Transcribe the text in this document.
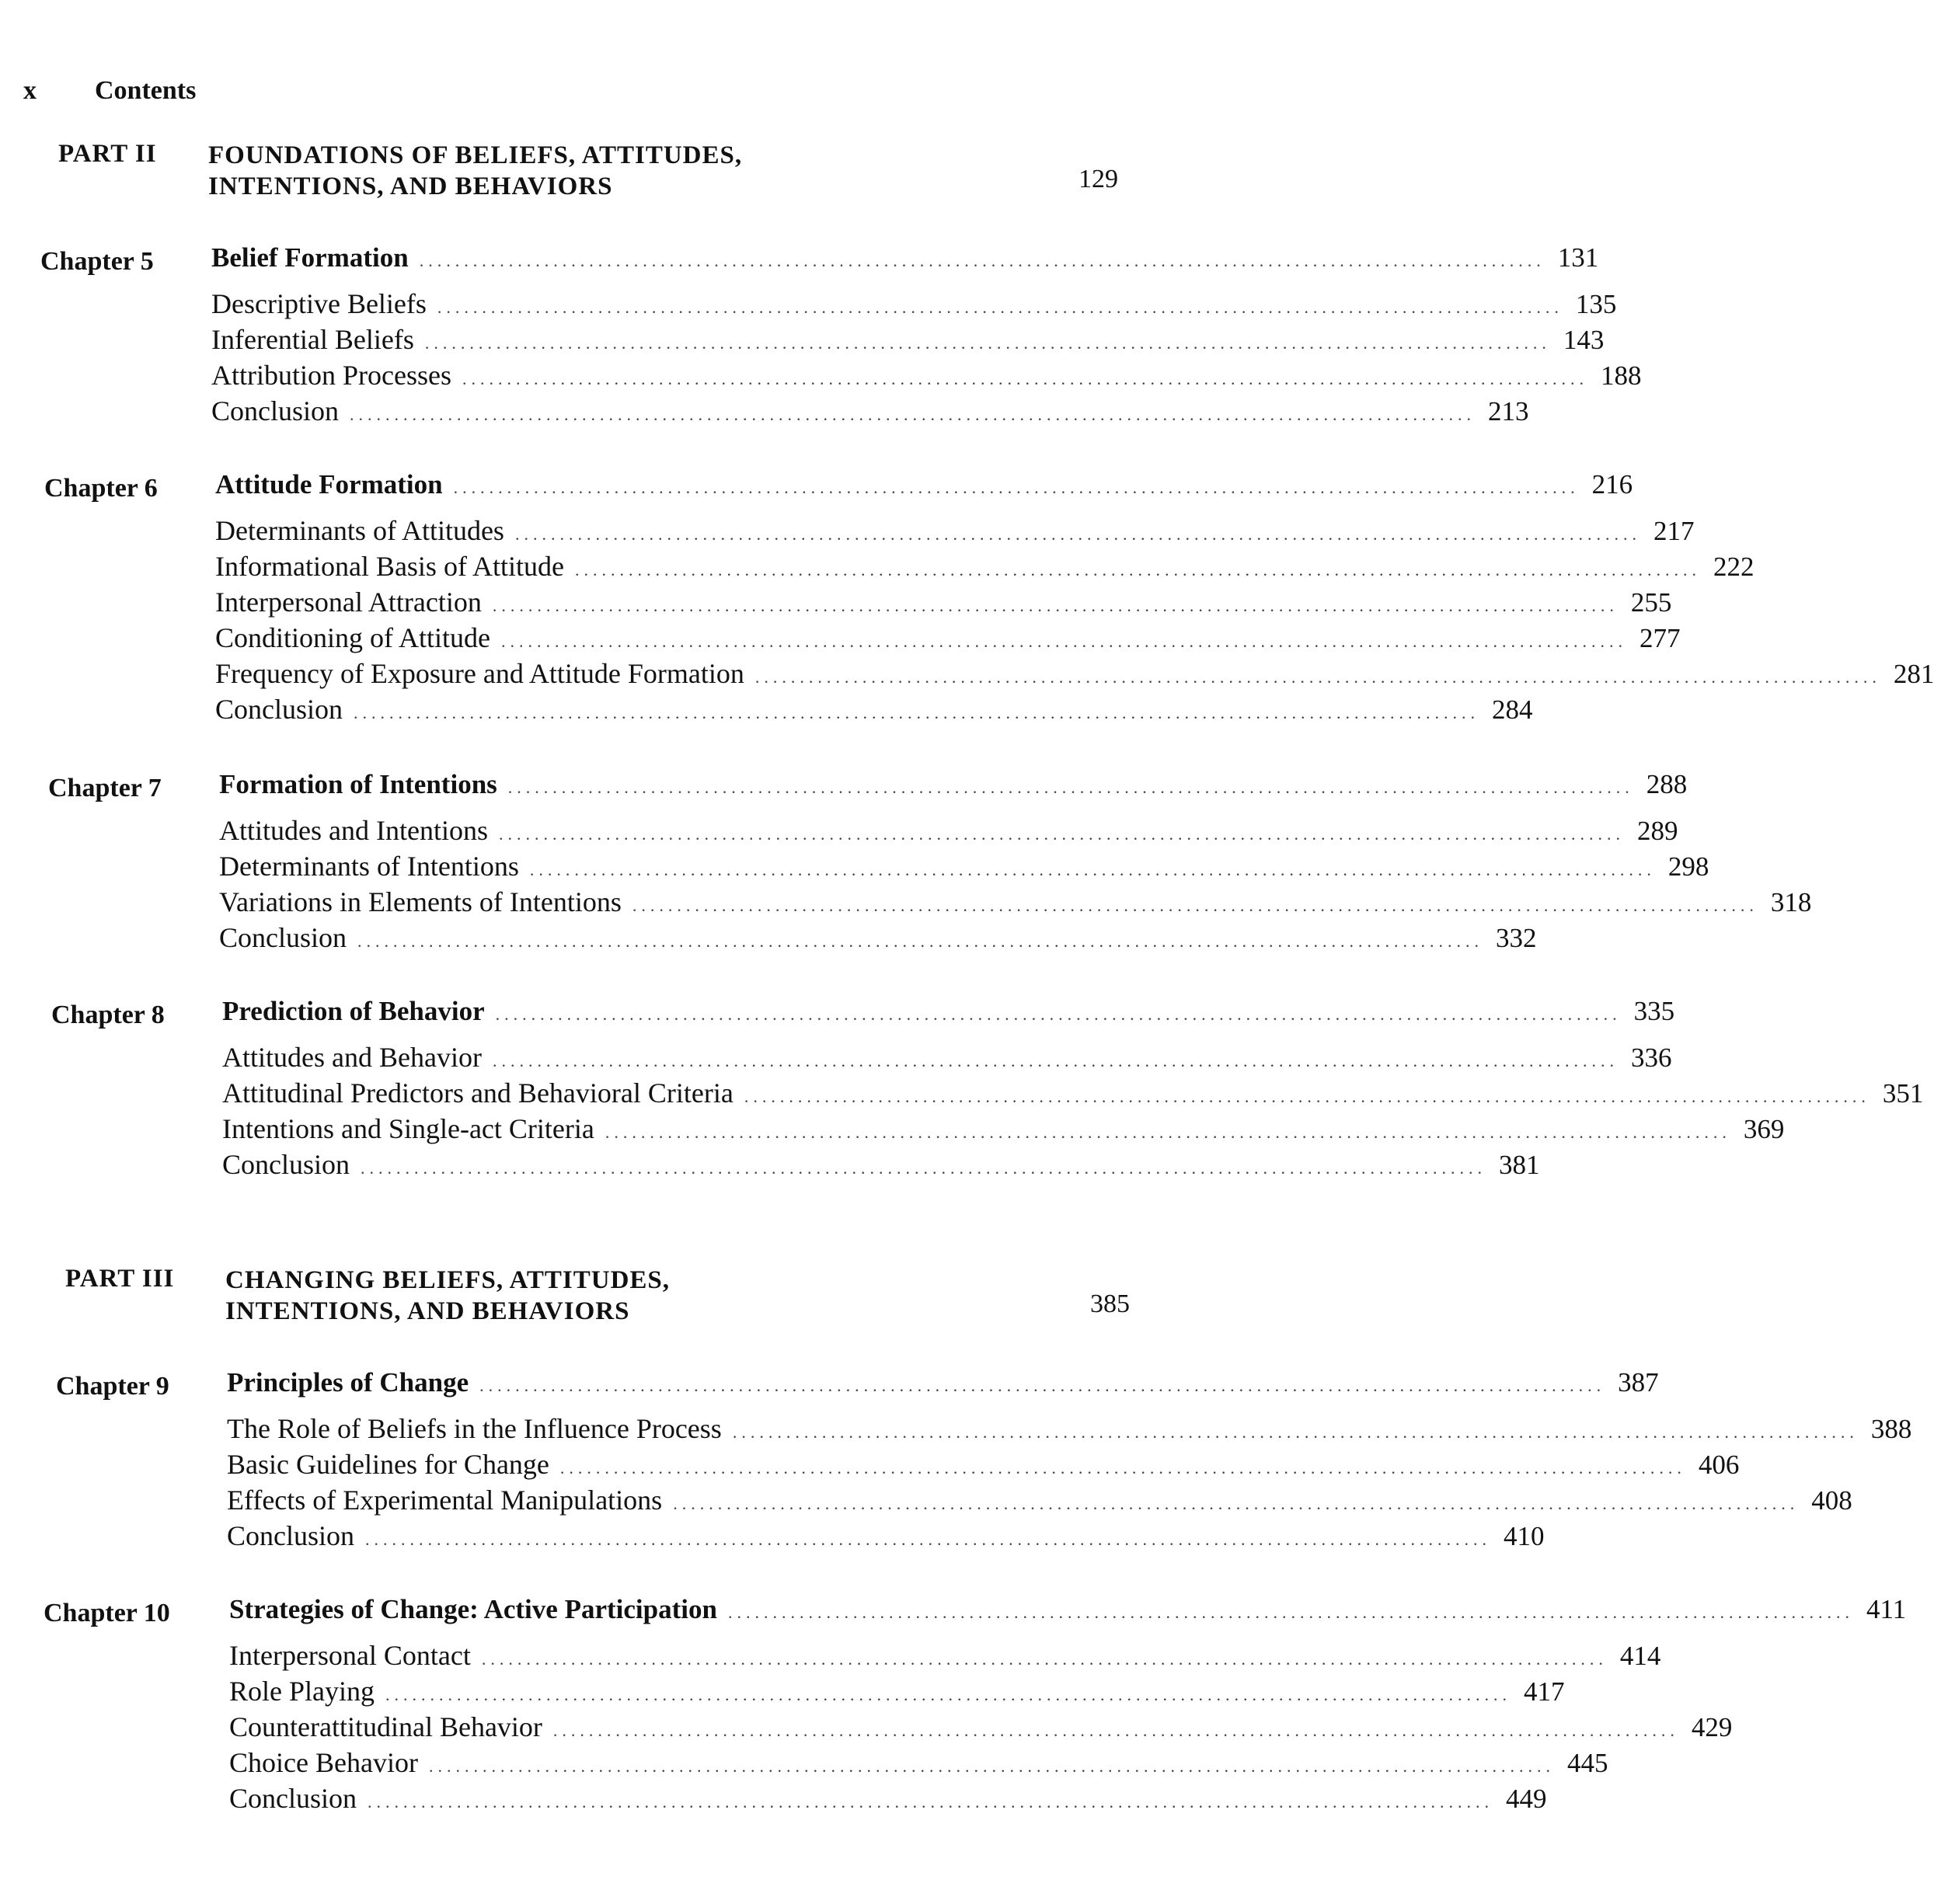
x Contents
PART II FOUNDATIONS OF BELIEFS, ATTITUDES,
INTENTIONS, AND BEHAVIORS	129
Chapter 5 Belief Formation .............................................................................................................................. 131
Descriptive Beliefs .............................................................................................................................. 135
Inferential Beliefs .............................................................................................................................. 143
Attribution Processes .............................................................................................................................. 188
Conclusion .............................................................................................................................. 213
Chapter 6 Attitude Formation .............................................................................................................................. 216
Determinants of Attitudes .............................................................................................................................. 217
Informational Basis of Attitude .............................................................................................................................. 222
Interpersonal Attraction .............................................................................................................................. 255
Conditioning of Attitude .............................................................................................................................. 277
Frequency of Exposure and Attitude Formation .............................................................................................................................. 281
Conclusion .............................................................................................................................. 284
Chapter 7 Formation of Intentions .............................................................................................................................. 288
Attitudes and Intentions .............................................................................................................................. 289
Determinants of Intentions .............................................................................................................................. 298
Variations in Elements of Intentions .............................................................................................................................. 318
Conclusion .............................................................................................................................. 332
Chapter 8 Prediction of Behavior .............................................................................................................................. 335
Attitudes and Behavior .............................................................................................................................. 336
Attitudinal Predictors and Behavioral Criteria .............................................................................................................................. 351
Intentions and Single-act Criteria .............................................................................................................................. 369
Conclusion .............................................................................................................................. 381
PART III CHANGING BELIEFS, ATTITUDES,
INTENTIONS, AND BEHAVIORS	385
Chapter 9 Principles of Change .............................................................................................................................. 387
The Role of Beliefs in the Influence Process .............................................................................................................................. 388
Basic Guidelines for Change .............................................................................................................................. 406
Effects of Experimental Manipulations .............................................................................................................................. 408
Conclusion .............................................................................................................................. 410
Chapter 10 Strategies of Change: Active Participation .............................................................................................................................. 411
Interpersonal Contact .............................................................................................................................. 414
Role Playing .............................................................................................................................. 417
Counterattitudinal Behavior .............................................................................................................................. 429
Choice Behavior .............................................................................................................................. 445
Conclusion .............................................................................................................................. 449
